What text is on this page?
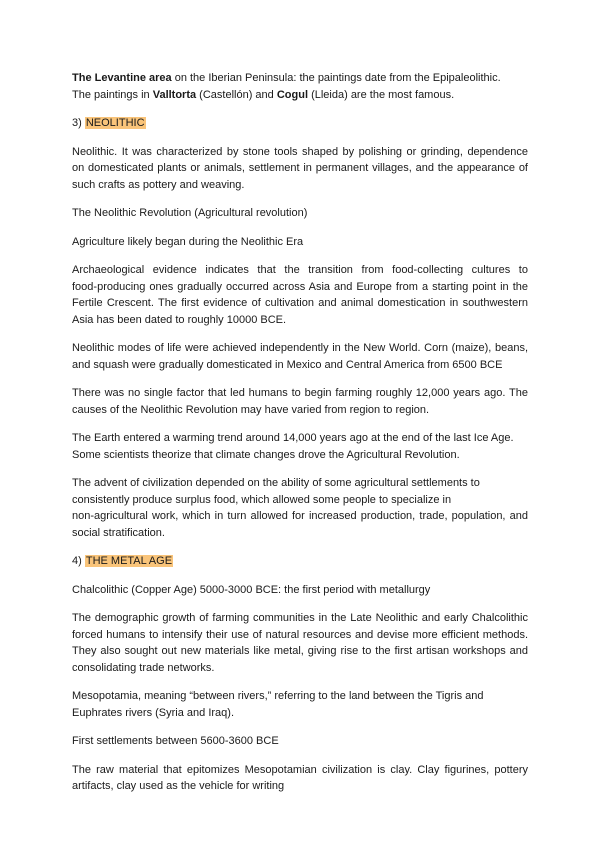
The Levantine area on the Iberian Peninsula: the paintings date from the Epipaleolithic.
The paintings in Valltorta (Castellón) and Cogul (Lleida) are the most famous.
3) NEOLITHIC
Neolithic. It was characterized by stone tools shaped by polishing or grinding, dependence
on domesticated plants or animals, settlement in permanent villages, and the appearance of
such crafts as pottery and weaving.
The Neolithic Revolution (Agricultural revolution)
Agriculture likely began during the Neolithic Era
Archaeological evidence indicates that the transition from food-collecting cultures to
food-producing ones gradually occurred across Asia and Europe from a starting point in the
Fertile Crescent. The first evidence of cultivation and animal domestication in southwestern
Asia has been dated to roughly 10000 BCE.
Neolithic modes of life were achieved independently in the New World. Corn (maize), beans,
and squash were gradually domesticated in Mexico and Central America from 6500 BCE
There was no single factor that led humans to begin farming roughly 12,000 years ago. The
causes of the Neolithic Revolution may have varied from region to region.
The Earth entered a warming trend around 14,000 years ago at the end of the last Ice Age.
Some scientists theorize that climate changes drove the Agricultural Revolution.
The advent of civilization depended on the ability of some agricultural settlements to
consistently produce surplus food, which allowed some people to specialize in
non-agricultural work, which in turn allowed for increased production, trade, population, and
social stratification.
4) THE METAL AGE
Chalcolithic (Copper Age) 5000-3000 BCE: the first period with metallurgy
The demographic growth of farming communities in the Late Neolithic and early Chalcolithic
forced humans to intensify their use of natural resources and devise more efficient methods.
They also sought out new materials like metal, giving rise to the first artisan workshops and
consolidating trade networks.
Mesopotamia, meaning “between rivers,” referring to the land between the Tigris and
Euphrates rivers (Syria and Iraq).
First settlements between 5600-3600 BCE
The raw material that epitomizes Mesopotamian civilization is clay. Clay figurines, pottery
artifacts, clay used as the vehicle for writing
